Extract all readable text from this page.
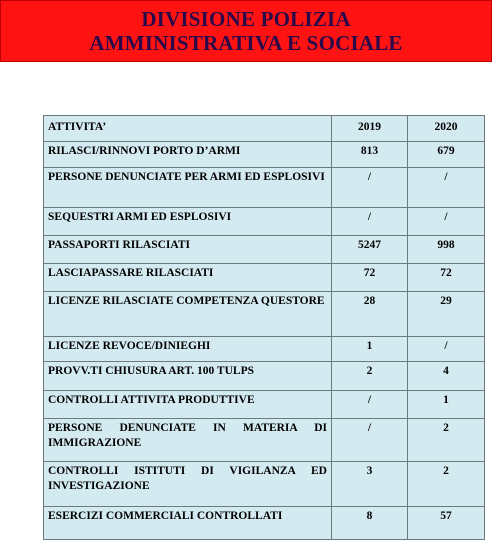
DIVISIONE POLIZIA
AMMINISTRATIVA E SOCIALE
ATTIVITA’	2019	2020
RILASCI/RINNOVI PORTO D’ARMI	813	679
PERSONE DENUNCIATE PER ARMI ED ESPLOSIVI	/	/
SEQUESTRI ARMI ED ESPLOSIVI	/	/
PASSAPORTI RILASCIATI	5247	998
LASCIAPASSARE RILASCIATI	72	72
LICENZE RILASCIATE COMPETENZA QUESTORE	28	29
LICENZE REVOCE/DINIEGHI	1	/
PROVV.TI CHIUSURA ART. 100 TULPS	2	4
CONTROLLI ATTIVITA PRODUTTIVE	/	1
PERSONE DENUNCIATE IN MATERIA DI IMMIGRAZIONE	/	2
CONTROLLI ISTITUTI DI VIGILANZA ED INVESTIGAZIONE	3	2
ESERCIZI COMMERCIALI CONTROLLATI	8	57
